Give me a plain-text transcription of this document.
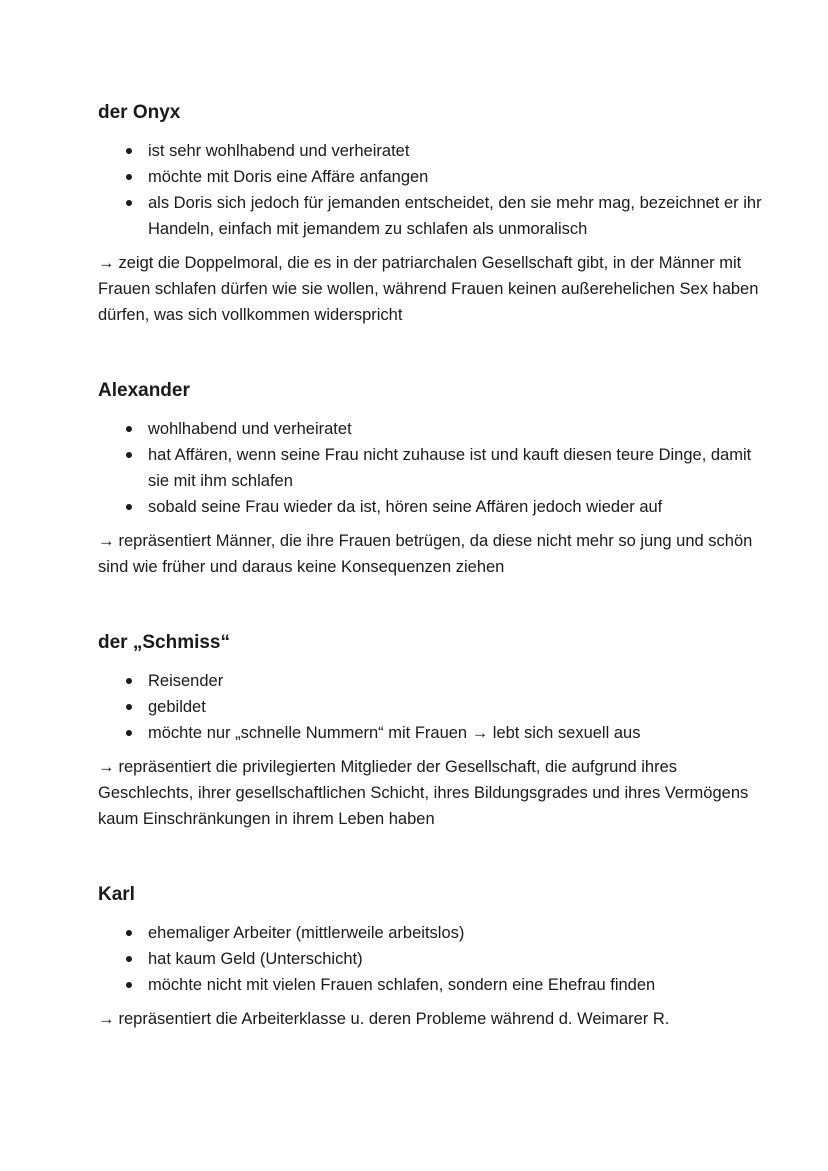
der Onyx
ist sehr wohlhabend und verheiratet
möchte mit Doris eine Affäre anfangen
als Doris sich jedoch für jemanden entscheidet, den sie mehr mag, bezeichnet er ihr Handeln, einfach mit jemandem zu schlafen als unmoralisch

→ zeigt die Doppelmoral, die es in der patriarchalen Gesellschaft gibt, in der Männer mit Frauen schlafen dürfen wie sie wollen, während Frauen keinen außerehelichen Sex haben dürfen, was sich vollkommen widerspricht

Alexander
wohlhabend und verheiratet
hat Affären, wenn seine Frau nicht zuhause ist und kauft diesen teure Dinge, damit sie mit ihm schlafen
sobald seine Frau wieder da ist, hören seine Affären jedoch wieder auf

→ repräsentiert Männer, die ihre Frauen betrügen, da diese nicht mehr so jung und schön sind wie früher und daraus keine Konsequenzen ziehen

der „Schmiss“
Reisender
gebildet
möchte nur „schnelle Nummern“ mit Frauen → lebt sich sexuell aus

→ repräsentiert die privilegierten Mitglieder der Gesellschaft, die aufgrund ihres Geschlechts, ihrer gesellschaftlichen Schicht, ihres Bildungsgrades und ihres Vermögens kaum Einschränkungen in ihrem Leben haben

Karl
ehemaliger Arbeiter (mittlerweile arbeitslos)
hat kaum Geld (Unterschicht)
möchte nicht mit vielen Frauen schlafen, sondern eine Ehefrau finden

→ repräsentiert die Arbeiterklasse u. deren Probleme während d. Weimarer R.
